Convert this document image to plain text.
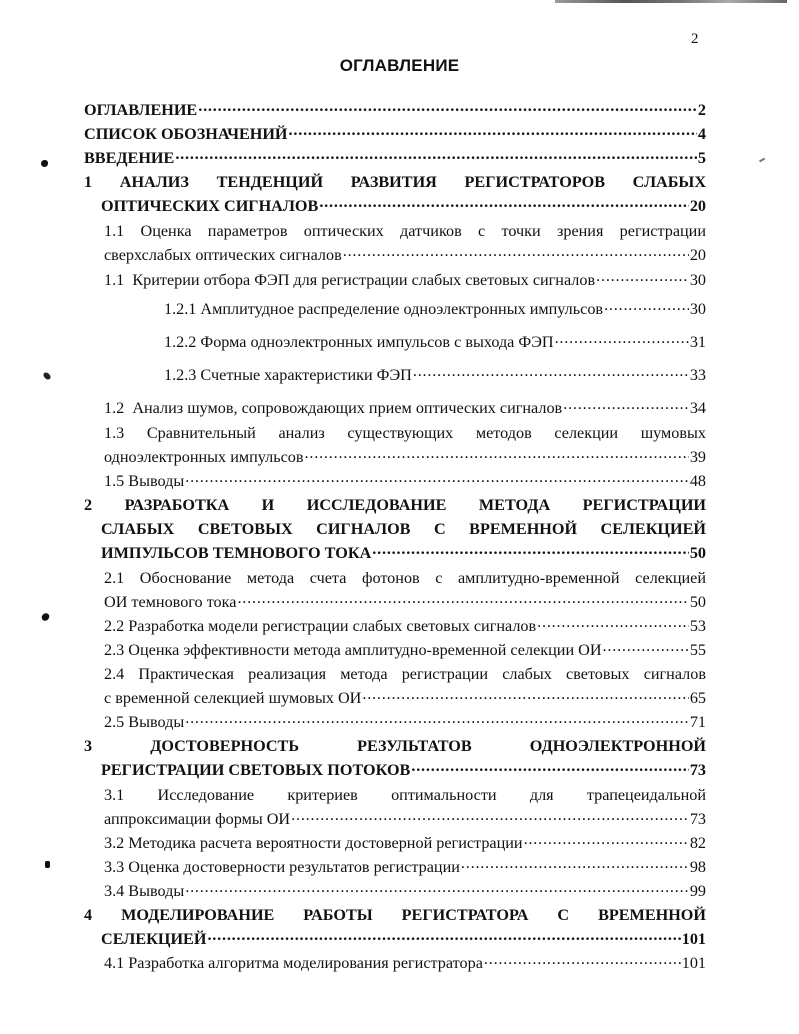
2
ОГЛАВЛЕНИЕ
ОГЛАВЛЕНИЕ .....	2
СПИСОК ОБОЗНАЧЕНИЙ .....	4
ВВЕДЕНИЕ .....	5
1 АНАЛИЗ ТЕНДЕНЦИЙ РАЗВИТИЯ РЕГИСТРАТОРОВ СЛАБЫХ
ОПТИЧЕСКИХ СИГНАЛОВ .....	20
1.1 Оценка параметров оптических датчиков с точки зрения регистрации
сверхслабых оптических сигналов .....	20
1.1  Критерии отбора ФЭП для регистрации слабых световых сигналов .....	30
1.2.1 Амплитудное распределение одноэлектронных импульсов .....	30
1.2.2 Форма одноэлектронных импульсов с выхода ФЭП .....	31
1.2.3 Счетные характеристики ФЭП .....	33
1.2  Анализ шумов, сопровождающих прием оптических сигналов .....	34
1.3 Сравнительный анализ существующих методов селекции шумовых
одноэлектронных импульсов .....	39
1.5 Выводы .....	48
2 РАЗРАБОТКА И ИССЛЕДОВАНИЕ МЕТОДА РЕГИСТРАЦИИ
СЛАБЫХ СВЕТОВЫХ СИГНАЛОВ С ВРЕМЕННОЙ СЕЛЕКЦИЕЙ
ИМПУЛЬСОВ ТЕМНОВОГО ТОКА .....	50
2.1 Обоснование метода счета фотонов с амплитудно-временной селекцией
ОИ темнового тока .....	50
2.2 Разработка модели регистрации слабых световых сигналов .....	53
2.3 Оценка эффективности метода амплитудно-временной селекции ОИ .....	55
2.4 Практическая реализация метода регистрации слабых световых сигналов
с временной селекцией шумовых ОИ .....	65
2.5 Выводы .....	71
3	ДОСТОВЕРНОСТЬ РЕЗУЛЬТАТОВ ОДНОЭЛЕКТРОННОЙ
РЕГИСТРАЦИИ СВЕТОВЫХ ПОТОКОВ .....	73
3.1 Исследование критериев оптимальности для трапецеидальной
аппроксимации формы ОИ .....	73
3.2 Методика расчета вероятности достоверной регистрации .....	82
3.3 Оценка достоверности результатов регистрации .....	98
3.4 Выводы .....	99
4 МОДЕЛИРОВАНИЕ РАБОТЫ РЕГИСТРАТОРА С ВРЕМЕННОЙ
СЕЛЕКЦИЕЙ .....	101
4.1 Разработка алгоритма моделирования регистратора .....	101
